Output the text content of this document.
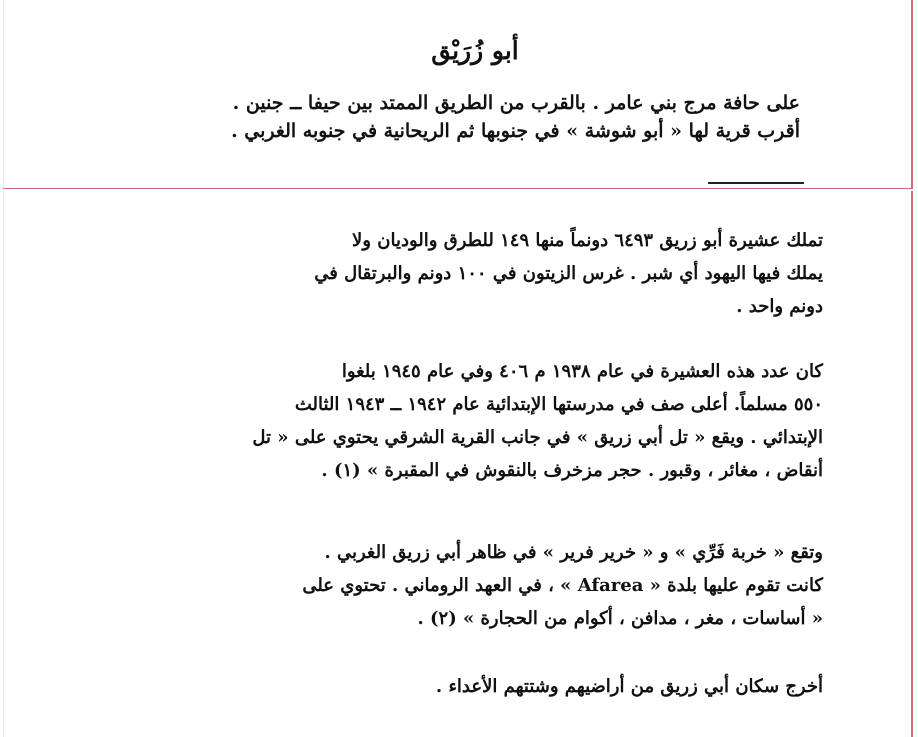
أبو زُرَيْق
على حافة مرج بني عامر . بالقرب من الطريق الممتد بين حيفا ــ جنين .
أقرب قرية لها « أبو شوشة » في جنوبها ثم الريحانية في جنوبه الغربي .
تملك عشيرة أبو زريق ٦٤٩٣ دونماً منها ١٤٩ للطرق والوديان ولا
يملك فيها اليهود أي شبر . غرس الزيتون في ١٠٠ دونم والبرتقال في
دونم واحد .
كان عدد هذه العشيرة في عام ١٩٣٨ م ٤٠٦ وفي عام ١٩٤٥ بلغوا
٥٥٠ مسلماً. أعلى صف في مدرستها الإبتدائية عام ١٩٤٢ ــ ١٩٤٣ الثالث
الإبتدائي . ويقع « تل أبي زريق » في جانب القرية الشرقي يحتوي على « تل
أنقاض ، مغائر ، وقبور . حجر مزخرف بالنقوش في المقبرة » (١) .
وتقع « خربة فَرِّي » و « خرير فرير » في ظاهر أبي زريق الغربي .
كانت تقوم عليها بلدة « Afarea » ، في العهد الروماني . تحتوي على
« أساسات ، مغر ، مدافن ، أكوام من الحجارة » (٢) .
أخرج سكان أبي زريق من أراضيهم وشتتهم الأعداء .
